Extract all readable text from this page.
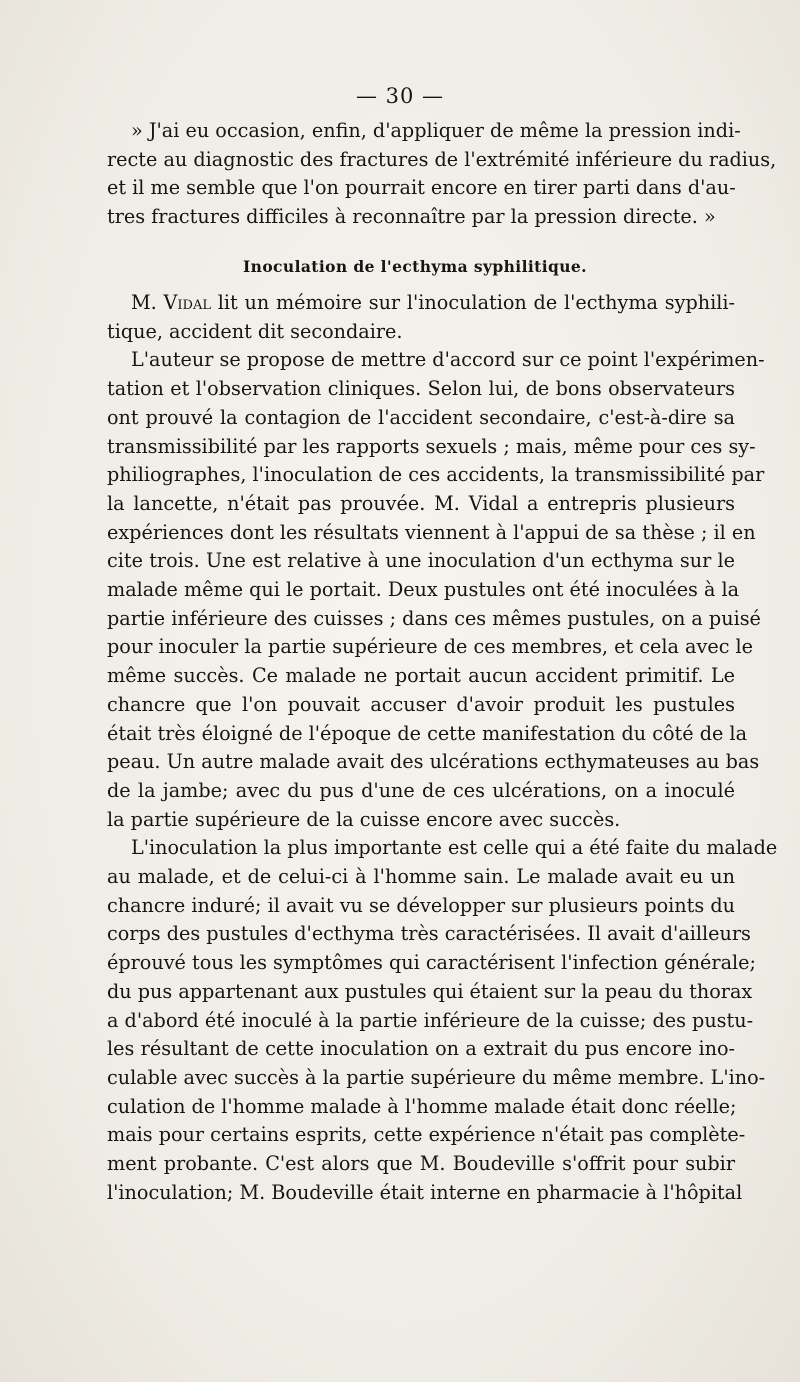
— 30 —
» J'ai eu occasion, enfin, d'appliquer de même la pression indi-
recte au diagnostic des fractures de l'extrémité inférieure du radius,
et il me semble que l'on pourrait encore en tirer parti dans d'au-
tres fractures difficiles à reconnaître par la pression directe. »
Inoculation de l'ecthyma syphilitique.
M. Vidal lit un mémoire sur l'inoculation de l'ecthyma syphili-
tique, accident dit secondaire.
L'auteur se propose de mettre d'accord sur ce point l'expérimen-
tation et l'observation cliniques. Selon lui, de bons observateurs
ont prouvé la contagion de l'accident secondaire, c'est-à-dire sa
transmissibilité par les rapports sexuels ; mais, même pour ces sy-
philiographes, l'inoculation de ces accidents, la transmissibilité par
la lancette, n'était pas prouvée. M. Vidal a entrepris plusieurs
expériences dont les résultats viennent à l'appui de sa thèse ; il en
cite trois. Une est relative à une inoculation d'un ecthyma sur le
malade même qui le portait. Deux pustules ont été inoculées à la
partie inférieure des cuisses ; dans ces mêmes pustules, on a puisé
pour inoculer la partie supérieure de ces membres, et cela avec le
même succès. Ce malade ne portait aucun accident primitif. Le
chancre que l'on pouvait accuser d'avoir produit les pustules
était très éloigné de l'époque de cette manifestation du côté de la
peau. Un autre malade avait des ulcérations ecthymateuses au bas
de la jambe; avec du pus d'une de ces ulcérations, on a inoculé
la partie supérieure de la cuisse encore avec succès.
L'inoculation la plus importante est celle qui a été faite du malade
au malade, et de celui-ci à l'homme sain. Le malade avait eu un
chancre induré; il avait vu se développer sur plusieurs points du
corps des pustules d'ecthyma très caractérisées. Il avait d'ailleurs
éprouvé tous les symptômes qui caractérisent l'infection générale;
du pus appartenant aux pustules qui étaient sur la peau du thorax
a d'abord été inoculé à la partie inférieure de la cuisse; des pustu-
les résultant de cette inoculation on a extrait du pus encore ino-
culable avec succès à la partie supérieure du même membre. L'ino-
culation de l'homme malade à l'homme malade était donc réelle;
mais pour certains esprits, cette expérience n'était pas complète-
ment probante. C'est alors que M. Boudeville s'offrit pour subir
l'inoculation; M. Boudeville était interne en pharmacie à l'hôpital
